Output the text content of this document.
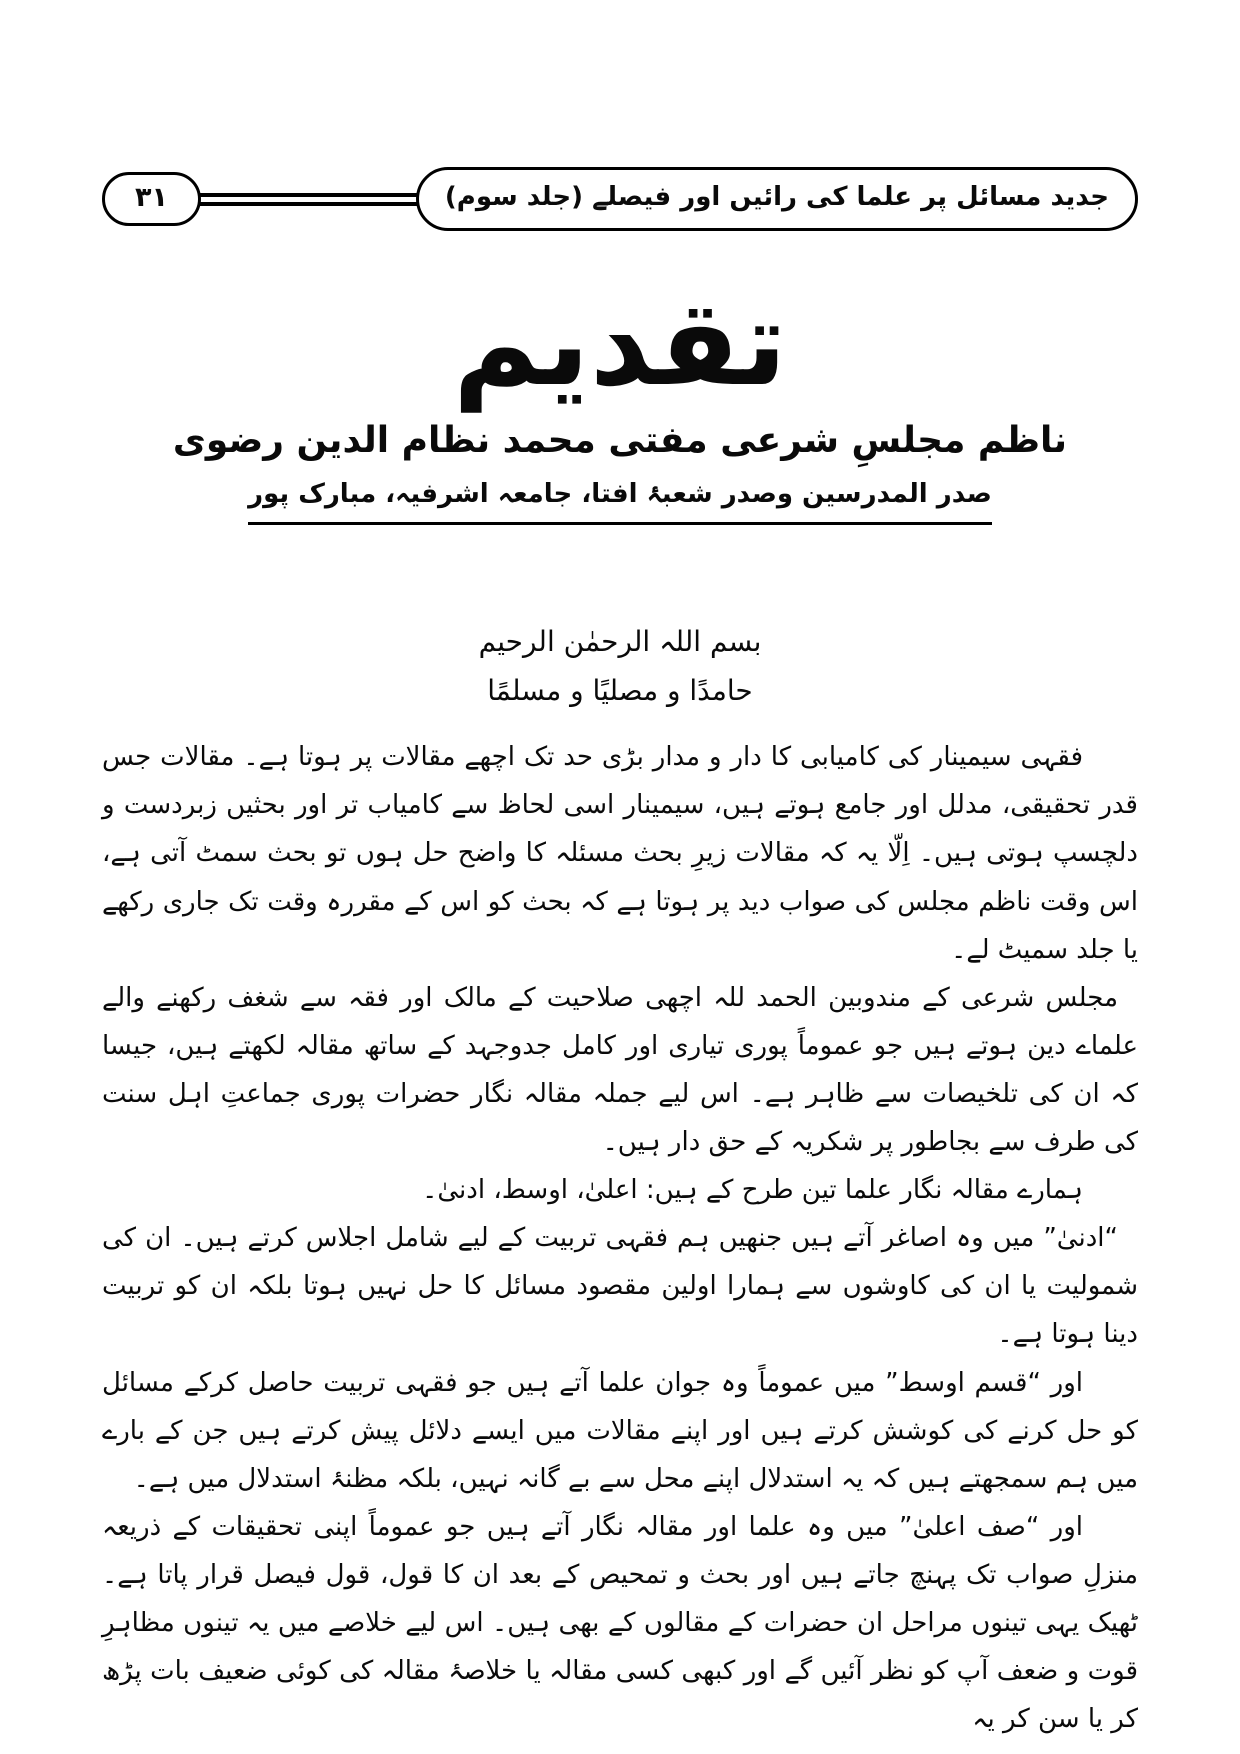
۳۱	جدید مسائل پر علما کی رائیں اور فیصلے (جلد سوم)
تقدیم
ناظم مجلسِ شرعی مفتی محمد نظام الدین رضوی
صدر المدرسین وصدر شعبۂ افتا، جامعہ اشرفیہ، مبارک پور
بسم اللہ الرحمٰن الرحیم
حامدًا و مصلیًا و مسلمًا

فقہی سیمینار کی کامیابی کا دار و مدار بڑی حد تک اچھے مقالات پر ہوتا ہے۔ مقالات جس قدر تحقیقی، مدلل اور جامع ہوتے ہیں، سیمینار اسی لحاظ سے کامیاب تر اور بحثیں زبردست و دلچسپ ہوتی ہیں۔ اِلّا یہ کہ مقالات زیرِ بحث مسئلہ کا واضح حل ہوں تو بحث سمٹ آتی ہے، اس وقت ناظم مجلس کی صواب دید پر ہوتا ہے کہ بحث کو اس کے مقررہ وقت تک جاری رکھے یا جلد سمیٹ لے۔

مجلس شرعی کے مندوبین الحمد للہ اچھی صلاحیت کے مالک اور فقہ سے شغف رکھنے والے علماے دین ہوتے ہیں جو عموماً پوری تیاری اور کامل جدوجہد کے ساتھ مقالہ لکھتے ہیں، جیسا کہ ان کی تلخیصات سے ظاہر ہے۔ اس لیے جملہ مقالہ نگار حضرات پوری جماعتِ اہل سنت کی طرف سے بجاطور پر شکریہ کے حق دار ہیں۔

ہمارے مقالہ نگار علما تین طرح کے ہیں: اعلیٰ، اوسط، ادنیٰ۔

“ادنیٰ” میں وہ اصاغر آتے ہیں جنھیں ہم فقہی تربیت کے لیے شامل اجلاس کرتے ہیں۔ ان کی شمولیت یا ان کی کاوشوں سے ہمارا اولین مقصود مسائل کا حل نہیں ہوتا بلکہ ان کو تربیت دینا ہوتا ہے۔

اور “قسم اوسط” میں عموماً وہ جوان علما آتے ہیں جو فقہی تربیت حاصل کرکے مسائل کو حل کرنے کی کوشش کرتے ہیں اور اپنے مقالات میں ایسے دلائل پیش کرتے ہیں جن کے بارے میں ہم سمجھتے ہیں کہ یہ استدلال اپنے محل سے بے گانہ نہیں، بلکہ مظنۂ استدلال میں ہے۔

اور “صف اعلیٰ” میں وہ علما اور مقالہ نگار آتے ہیں جو عموماً اپنی تحقیقات کے ذریعہ منزلِ صواب تک پہنچ جاتے ہیں اور بحث و تمحیص کے بعد ان کا قول، قول فیصل قرار پاتا ہے۔ ٹھیک یہی تینوں مراحل ان حضرات کے مقالوں کے بھی ہیں۔ اس لیے خلاصے میں یہ تینوں مظاہرِ قوت و ضعف آپ کو نظر آئیں گے اور کبھی کسی مقالہ یا خلاصۂ مقالہ کی کوئی ضعیف بات پڑھ کر یا سن کر یہ
